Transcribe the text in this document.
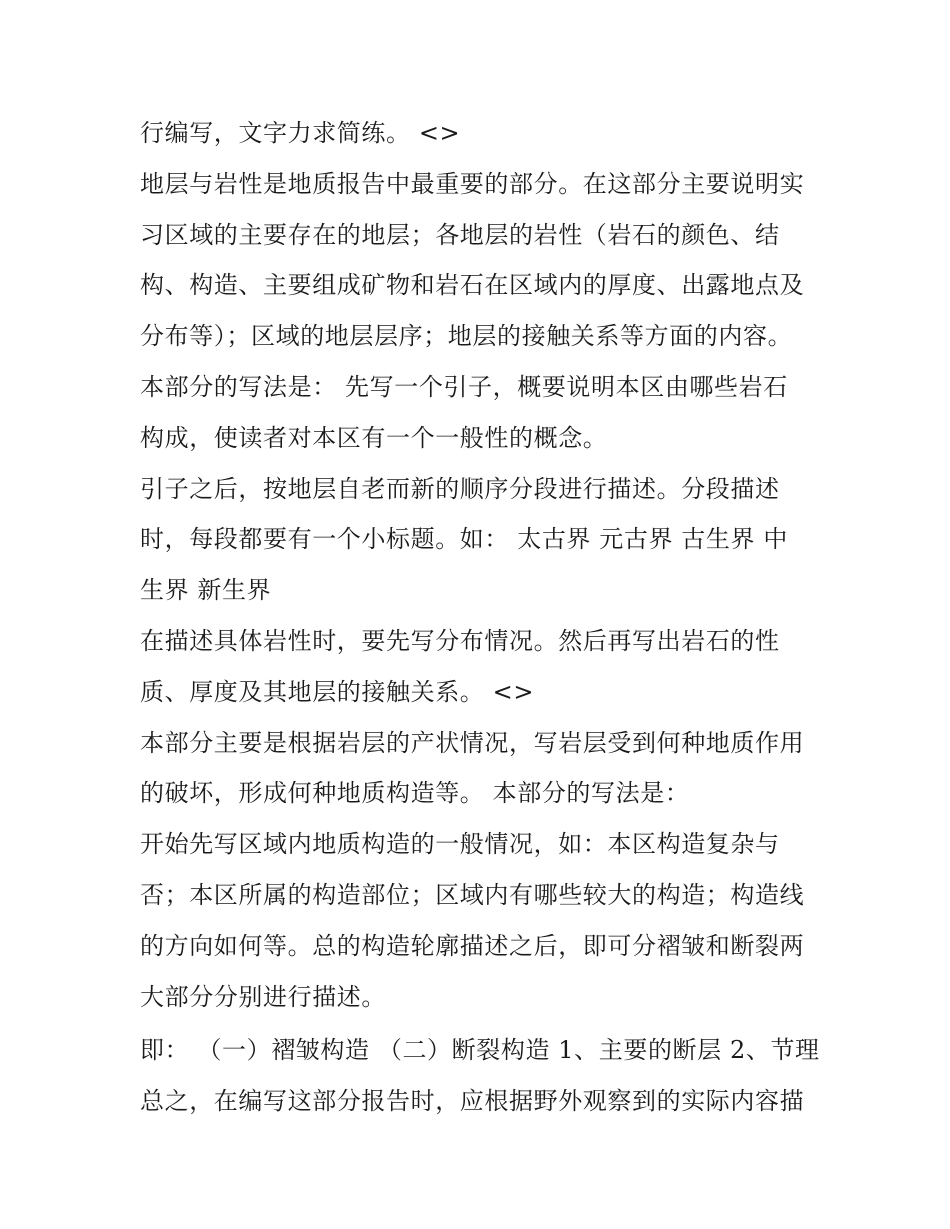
行编写，文字力求简练。 <>
地层与岩性是地质报告中最重要的部分。在这部分主要说明实
习区域的主要存在的地层；各地层的岩性（岩石的颜色、结
构、构造、主要组成矿物和岩石在区域内的厚度、出露地点及
分布等）；区域的地层层序；地层的接触关系等方面的内容。
本部分的写法是： 先写一个引子，概要说明本区由哪些岩石
构成，使读者对本区有一个一般性的概念。
引子之后，按地层自老而新的顺序分段进行描述。分段描述
时，每段都要有一个小标题。如： 太古界 元古界 古生界 中
生界 新生界
在描述具体岩性时，要先写分布情况。然后再写出岩石的性
质、厚度及其地层的接触关系。 <>
本部分主要是根据岩层的产状情况，写岩层受到何种地质作用
的破坏，形成何种地质构造等。 本部分的写法是：
开始先写区域内地质构造的一般情况，如：本区构造复杂与
否；本区所属的构造部位；区域内有哪些较大的构造；构造线
的方向如何等。总的构造轮廓描述之后，即可分褶皱和断裂两
大部分分别进行描述。
即： （一）褶皱构造 （二）断裂构造 1、主要的断层 2、节理
总之，在编写这部分报告时，应根据野外观察到的实际内容描
